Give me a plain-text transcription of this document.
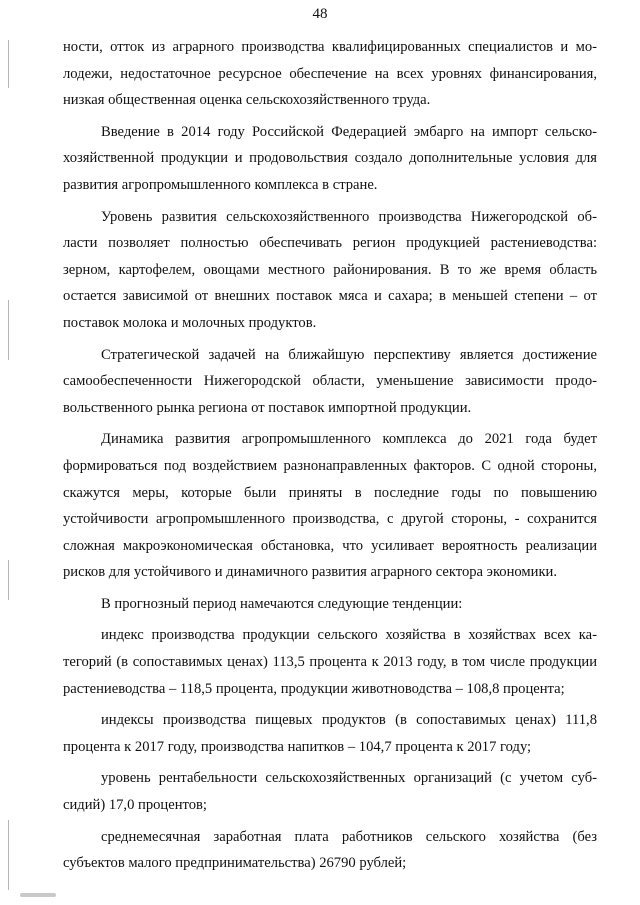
48

ности, отток из аграрного производства квалифицированных специалистов и молодежи, недостаточное ресурсное обеспечение на всех уровнях финансирования, низкая общественная оценка сельскохозяйственного труда.

Введение в 2014 году Российской Федерацией эмбарго на импорт сельскохозяйственной продукции и продовольствия создало дополнительные условия для развития агропромышленного комплекса в стране.

Уровень развития сельскохозяйственного производства Нижегородской области позволяет полностью обеспечивать регион продукцией растениеводства: зерном, картофелем, овощами местного районирования. В то же время область остается зависимой от внешних поставок мяса и сахара; в меньшей степени – от поставок молока и молочных продуктов.

Стратегической задачей на ближайшую перспективу является достижение самообеспеченности Нижегородской области, уменьшение зависимости продовольственного рынка региона от поставок импортной продукции.

Динамика развития агропромышленного комплекса до 2021 года будет формироваться под воздействием разнонаправленных факторов. С одной стороны, скажутся меры, которые были приняты в последние годы по повышению устойчивости агропромышленного производства, с другой стороны, - сохранится сложная макроэкономическая обстановка, что усиливает вероятность реализации рисков для устойчивого и динамичного развития аграрного сектора экономики.

В прогнозный период намечаются следующие тенденции:

индекс производства продукции сельского хозяйства в хозяйствах всех категорий (в сопоставимых ценах) 113,5 процента к 2013 году, в том числе продукции растениеводства – 118,5 процента, продукции животноводства – 108,8 процента;

индексы производства пищевых продуктов (в сопоставимых ценах) 111,8 процента к 2017 году, производства напитков – 104,7 процента к 2017 году;

уровень рентабельности сельскохозяйственных организаций (с учетом субсидий) 17,0 процентов;

среднемесячная заработная плата работников сельского хозяйства (без субъектов малого предпринимательства) 26790 рублей;
